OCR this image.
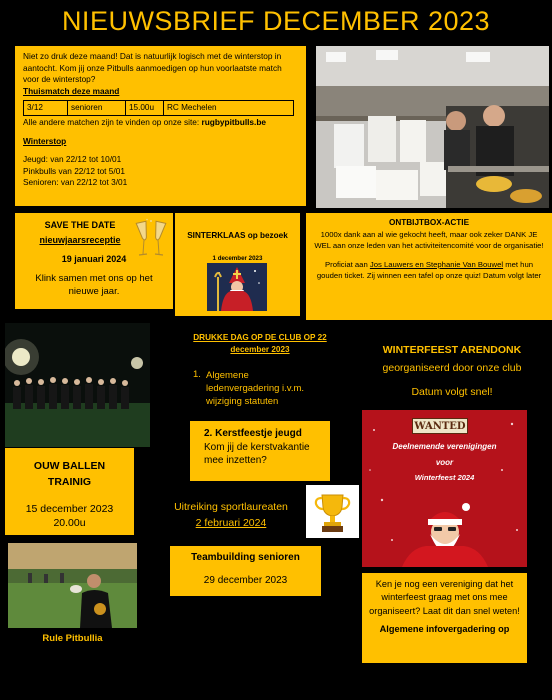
NIEUWSBRIEF DECEMBER 2023
Niet zo druk deze maand! Dat is natuurlijk logisch met de winterstop in aantocht. Kom jij onze Pitbulls aanmoedigen op hun voorlaatste match voor de winterstop?
Thuismatch deze maand
3/12	senioren	15.00u	RC Mechelen
Alle andere matchen zijn te vinden op onze site: rugbypitbulls.be
Winterstop
Jeugd: van 22/12 tot 10/01
Pinkbulls van 22/12 tot 5/01
Senioren: van 22/12 tot 3/01
SAVE THE DATE
nieuwjaarsreceptie
19 januari 2024
Klink samen met ons op het nieuwe jaar.
SINTERKLAAS op bezoek
1 december 2023
ONTBIJTBOX-ACTIE
1000x dank aan al wie gekocht heeft, maar ook zeker DANK JE WEL aan onze leden van het activiteitencomité voor de organisatie!
Proficiat aan Jos Lauwers en Stephanie Van Bouwel met hun gouden ticket. Zij winnen een tafel op onze quiz! Datum volgt later
OUW BALLEN TRAINIG
15 december 2023
20.00u
DRUKKE DAG OP DE CLUB OP 22 december 2023
1. Algemene ledenvergadering i.v.m. wijziging statuten
2. Kerstfeestje jeugd
Kom jij de kerstvakantie mee inzetten?
Uitreiking sportlaureaten
2 februari 2024
WINTERFEEST ARENDONK
georganiseerd door onze club
Datum volgt snel!
WANTED
Deelnemende verenigingen
voor
Winterfeest 2024
Ken je nog een vereniging dat het winterfeest graag met ons mee organiseert? Laat dit dan snel weten!
Algemene infovergadering op
Rule Pitbullia
Teambuilding senioren
29 december 2023
